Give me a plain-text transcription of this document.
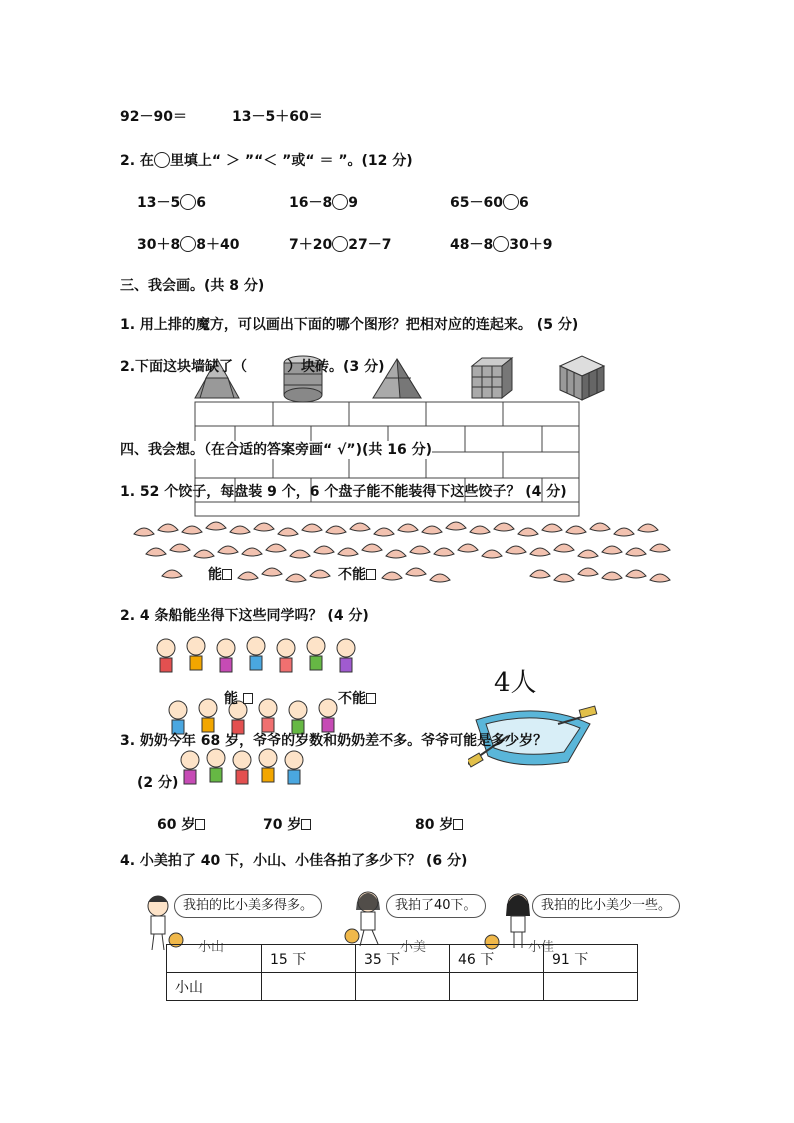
92－90＝	13－5＋60＝
2. 在 里填上“ ＞ ”“＜ ”或“ ＝ ”。(12 分)
13－5 6	16－8 9	65－60 6
30＋8 8＋40	7＋20 27－7	48－8 30＋9
三、我会画。(共 8 分)
1. 用上排的魔方，可以画出下面的哪个图形？把相对应的连起来。 (5 分)
2.下面这块墙缺了（	）块砖。(3 分)
四、我会想。（在合适的答案旁画“ √”)(共 16 分)
1. 52 个饺子，每盘装 9 个，6 个盘子能不能装得下这些饺子？ (4 分)
能	不能
2. 4 条船能坐得下这些同学吗？ (4 分)
能	不能
4人
3. 奶奶今年 68 岁，爷爷的岁数和奶奶差不多。爷爷可能是多少岁？
(2 分)
60 岁	70 岁	80 岁
4. 小美拍了 40 下，小山、小佳各拍了多少下？ (6 分)
我拍的比小美多得多。
小山
我拍了40下。
小美
我拍的比小美少一些。
小佳
	15 下	35 下	46 下	91 下
小山				
